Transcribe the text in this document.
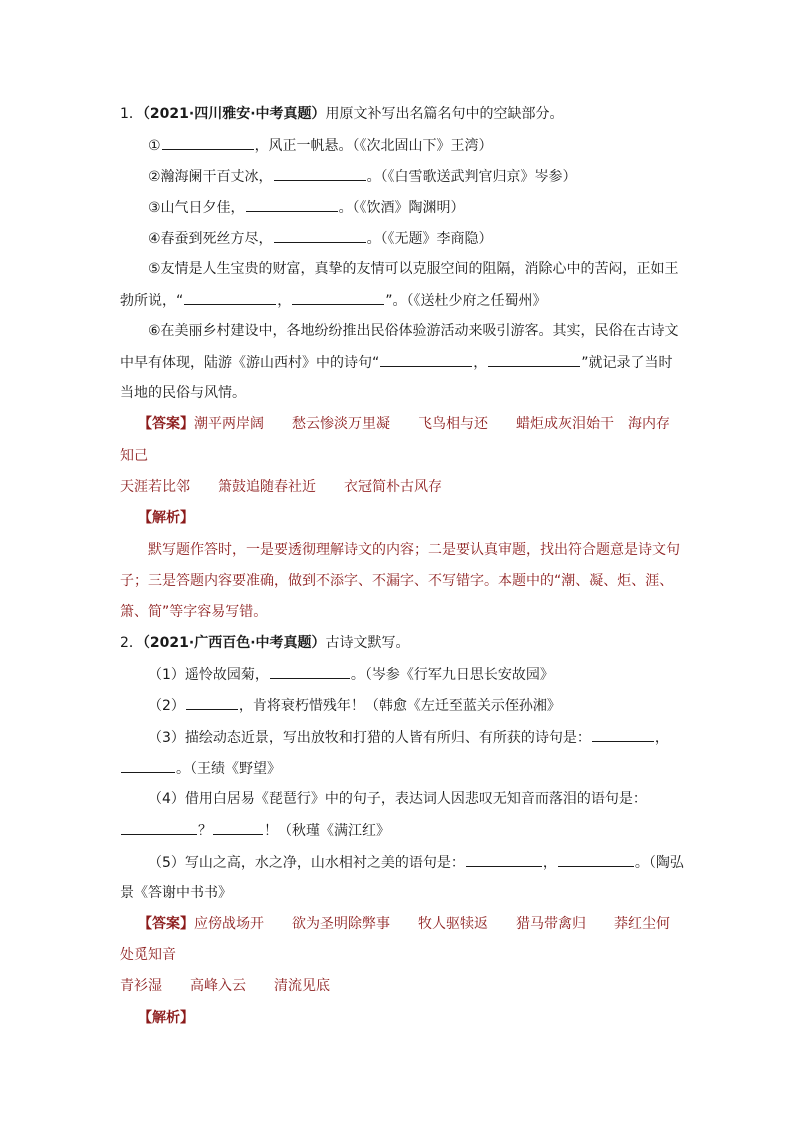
1．（2021·四川雅安·中考真题）用原文补写出名篇名句中的空缺部分。
①	，风正一帆悬。（《次北固山下》王湾）
②瀚海阑干百丈冰，	。（《白雪歌送武判官归京》岑参）
③山气日夕佳，	。（《饮酒》陶渊明）
④春蚕到死丝方尽，	。（《无题》李商隐）
⑤友情是人生宝贵的财富，真挚的友情可以克服空间的阻隔，消除心中的苦闷，正如王
勃所说，“	，	”。（《送杜少府之任蜀州》
⑥在美丽乡村建设中，各地纷纷推出民俗体验游活动来吸引游客。其实，民俗在古诗文
中早有体现，陆游《游山西村》中的诗句“	，	”就记录了当时
当地的民俗与风情。
【答案】潮平两岸阔 愁云惨淡万里凝 飞鸟相与还 蜡炬成灰泪始干 海内存
知己
天涯若比邻 箫鼓追随春社近 衣冠简朴古风存
【解析】
默写题作答时，一是要透彻理解诗文的内容；二是要认真审题，找出符合题意是诗文句
子；三是答题内容要准确，做到不添字、不漏字、不写错字。本题中的“潮、凝、炬、涯、
箫、简”等字容易写错。
2．（2021·广西百色·中考真题）古诗文默写。
（1）遥怜故园菊，	。（岑参《行军九日思长安故园》
（2）	，肯将衰朽惜残年！（韩愈《左迁至蓝关示侄孙湘》
（3）描绘动态近景，写出放牧和打猎的人皆有所归、有所获的诗句是：	，
。（王绩《野望》
（4）借用白居易《琵琶行》中的句子，表达词人因悲叹无知音而落泪的语句是：
？	！（秋瑾《满江红》
（5）写山之高，水之净，山水相衬之美的语句是：	，	。（陶弘
景《答谢中书书》
【答案】应傍战场开 欲为圣明除弊事 牧人驱犊返 猎马带禽归 莽红尘何
处觅知音
青衫湿 高峰入云 清流见底
【解析】
